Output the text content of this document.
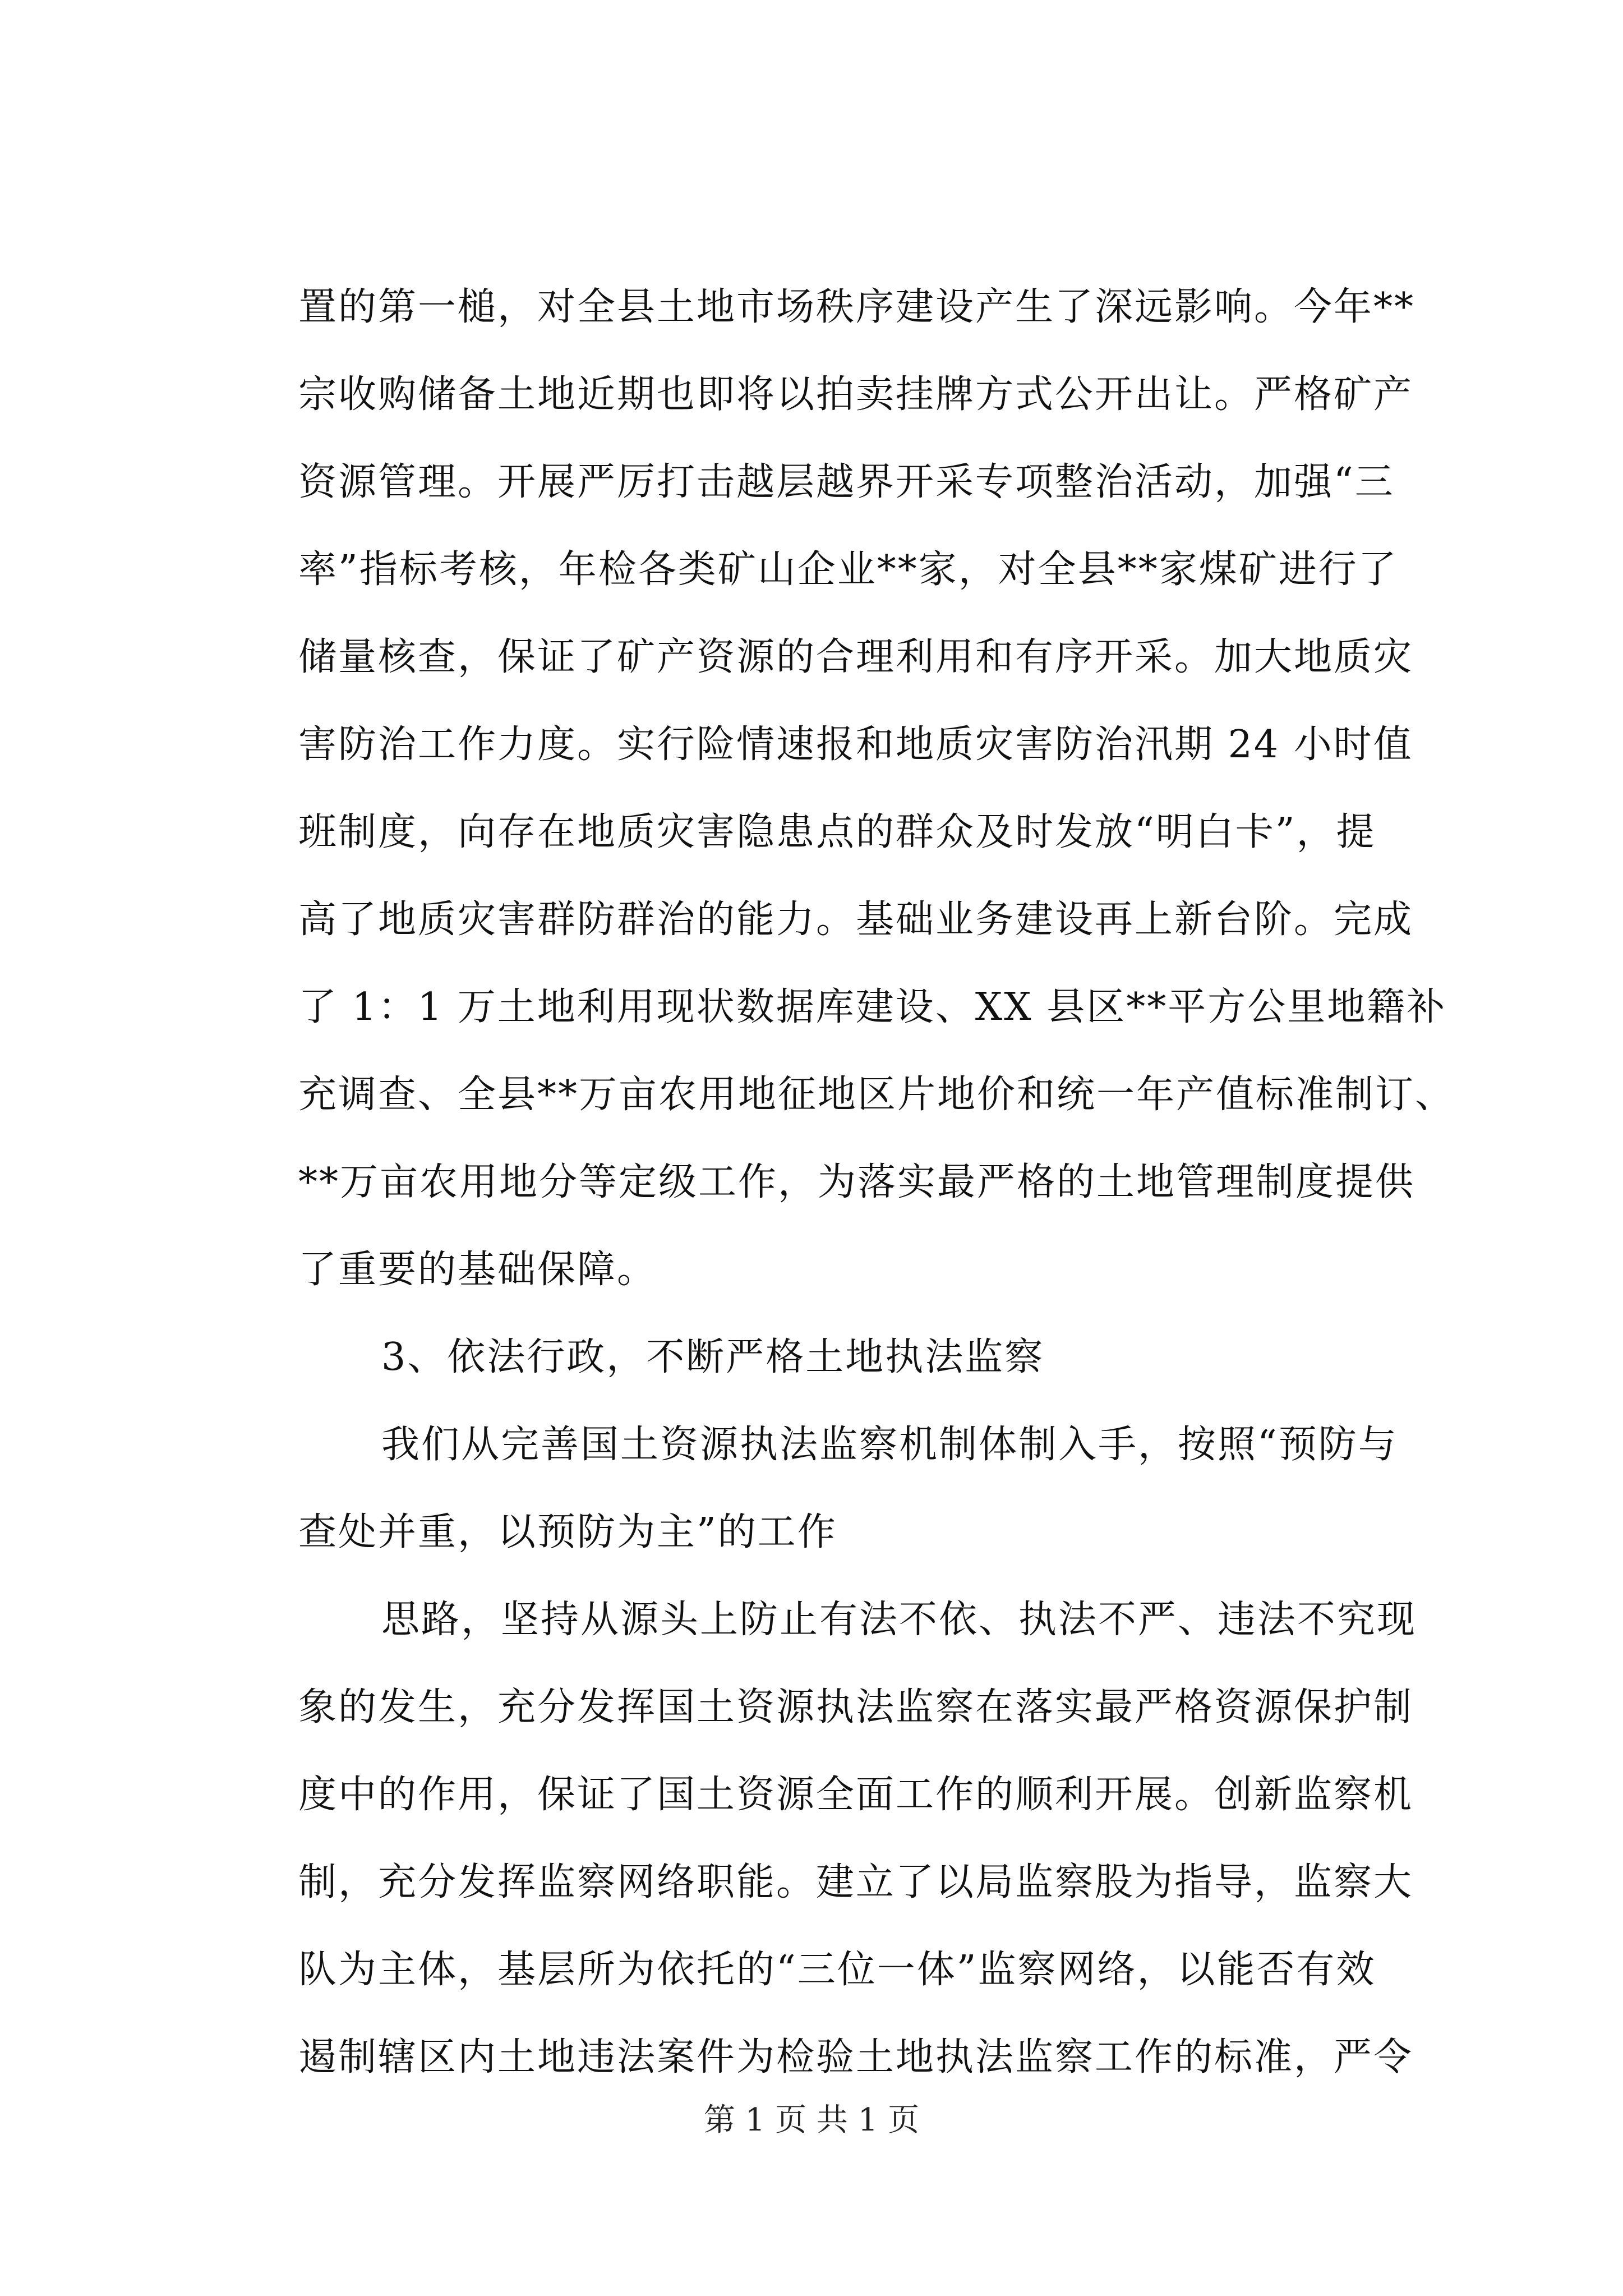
置的第一槌，对全县土地市场秩序建设产生了深远影响。今年**
宗收购储备土地近期也即将以拍卖挂牌方式公开出让。严格矿产
资源管理。开展严厉打击越层越界开采专项整治活动，加强“三
率”指标考核，年检各类矿山企业**家，对全县**家煤矿进行了
储量核查，保证了矿产资源的合理利用和有序开采。加大地质灾
害防治工作力度。实行险情速报和地质灾害防治汛期 24 小时值
班制度，向存在地质灾害隐患点的群众及时发放“明白卡”，提
高了地质灾害群防群治的能力。基础业务建设再上新台阶。完成
了 1：1 万土地利用现状数据库建设、XX 县区**平方公里地籍补
充调查、全县**万亩农用地征地区片地价和统一年产值标准制订、
**万亩农用地分等定级工作，为落实最严格的土地管理制度提供
了重要的基础保障。
3、依法行政，不断严格土地执法监察
我们从完善国土资源执法监察机制体制入手，按照“预防与
查处并重，以预防为主”的工作
思路，坚持从源头上防止有法不依、执法不严、违法不究现
象的发生，充分发挥国土资源执法监察在落实最严格资源保护制
度中的作用，保证了国土资源全面工作的顺利开展。创新监察机
制，充分发挥监察网络职能。建立了以局监察股为指导，监察大
队为主体，基层所为依托的“三位一体”监察网络，以能否有效
遏制辖区内土地违法案件为检验土地执法监察工作的标准，严令
第 1 页 共 1 页
